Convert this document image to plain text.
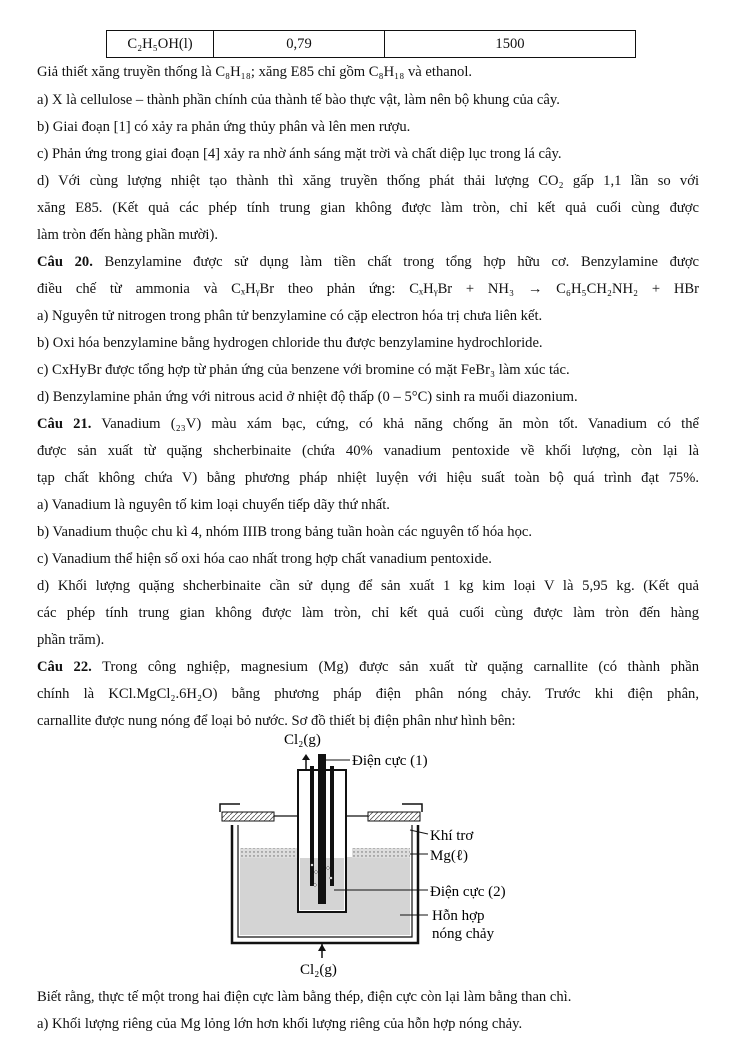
C₂H₅OH(l)	0,79	1500
Giả thiết xăng truyền thống là C₈H₁₈; xăng E85 chỉ gồm C₈H₁₈ và ethanol.
a) X là cellulose – thành phần chính của thành tế bào thực vật, làm nên bộ khung của cây.
b) Giai đoạn [1] có xảy ra phản ứng thủy phân và lên men rượu.
c) Phản ứng trong giai đoạn [4] xảy ra nhờ ánh sáng mặt trời và chất diệp lục trong lá cây.
d) Với cùng lượng nhiệt tạo thành thì xăng truyền thống phát thải lượng CO₂ gấp 1,1 lần so với
xăng E85. (Kết quả các phép tính trung gian không được làm tròn, chỉ kết quả cuối cùng được
làm tròn đến hàng phần mười).
Câu 20. Benzylamine được sử dụng làm tiền chất trong tổng hợp hữu cơ. Benzylamine được
điều chế từ ammonia và CₓHᵧBr theo phản ứng: CₓHᵧBr + NH₃ → C₆H₅CH₂NH₂ + HBr
a) Nguyên tử nitrogen trong phân tử benzylamine có cặp electron hóa trị chưa liên kết.
b) Oxi hóa benzylamine bằng hydrogen chloride thu được benzylamine hydrochloride.
c) CxHyBr được tổng hợp từ phản ứng của benzene với bromine có mặt FeBr₃ làm xúc tác.
d) Benzylamine phản ứng với nitrous acid ở nhiệt độ thấp (0 – 5°C) sinh ra muối diazonium.
Câu 21. Vanadium (₂₃V) màu xám bạc, cứng, có khả năng chống ăn mòn tốt. Vanadium có thể
được sản xuất từ quặng shcherbinaite (chứa 40% vanadium pentoxide về khối lượng, còn lại là
tạp chất không chứa V) bằng phương pháp nhiệt luyện với hiệu suất toàn bộ quá trình đạt 75%.
a) Vanadium là nguyên tố kim loại chuyển tiếp dãy thứ nhất.
b) Vanadium thuộc chu kì 4, nhóm IIIB trong bảng tuần hoàn các nguyên tố hóa học.
c) Vanadium thể hiện số oxi hóa cao nhất trong hợp chất vanadium pentoxide.
d) Khối lượng quặng shcherbinaite cần sử dụng để sản xuất 1 kg kim loại V là 5,95 kg. (Kết quả
các phép tính trung gian không được làm tròn, chỉ kết quả cuối cùng được làm tròn đến hàng
phần trăm).
Câu 22. Trong công nghiệp, magnesium (Mg) được sản xuất từ quặng carnallite (có thành phần
chính là KCl.MgCl₂.6H₂O) bằng phương pháp điện phân nóng chảy. Trước khi điện phân,
carnallite được nung nóng để loại bỏ nước. Sơ đồ thiết bị điện phân như hình bên:
Cl₂(g)
Điện cực (1)
Khí trơ
Mg(ℓ)
Điện cực (2)
Hỗn hợp
nóng chảy
Cl₂(g)
Biết rằng, thực tế một trong hai điện cực làm bằng thép, điện cực còn lại làm bằng than chì.
a) Khối lượng riêng của Mg lỏng lớn hơn khối lượng riêng của hỗn hợp nóng chảy.
